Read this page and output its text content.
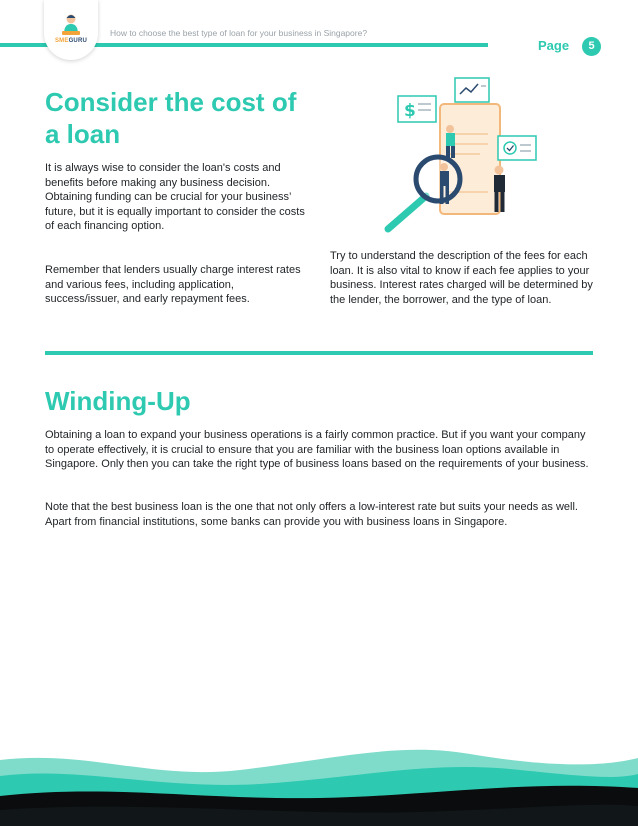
SMEGURU
How to choose the best type of loan for your business in Singapore?
Page	5
Consider the cost of a loan

It is always wise to consider the loan's costs and benefits before making any business decision. Obtaining funding can be crucial for your business’ future, but it is equally important to consider the costs of each financing option.

Remember that lenders usually charge interest rates and various fees, including application, success/issuer, and early repayment fees.

Try to understand the description of the fees for each loan. It is also vital to know if each fee applies to your business. Interest rates charged will be determined by the lender, the borrower, and the type of loan.

$
Winding-Up

Obtaining a loan to expand your business operations is a fairly common practice. But if you want your company to operate effectively, it is crucial to ensure that you are familiar with the business loan options available in Singapore. Only then you can take the right type of business loans based on the requirements of your business.

Note that the best business loan is the one that not only offers a low-interest rate but suits your needs as well. Apart from financial institutions, some banks can provide you with business loans in Singapore.
